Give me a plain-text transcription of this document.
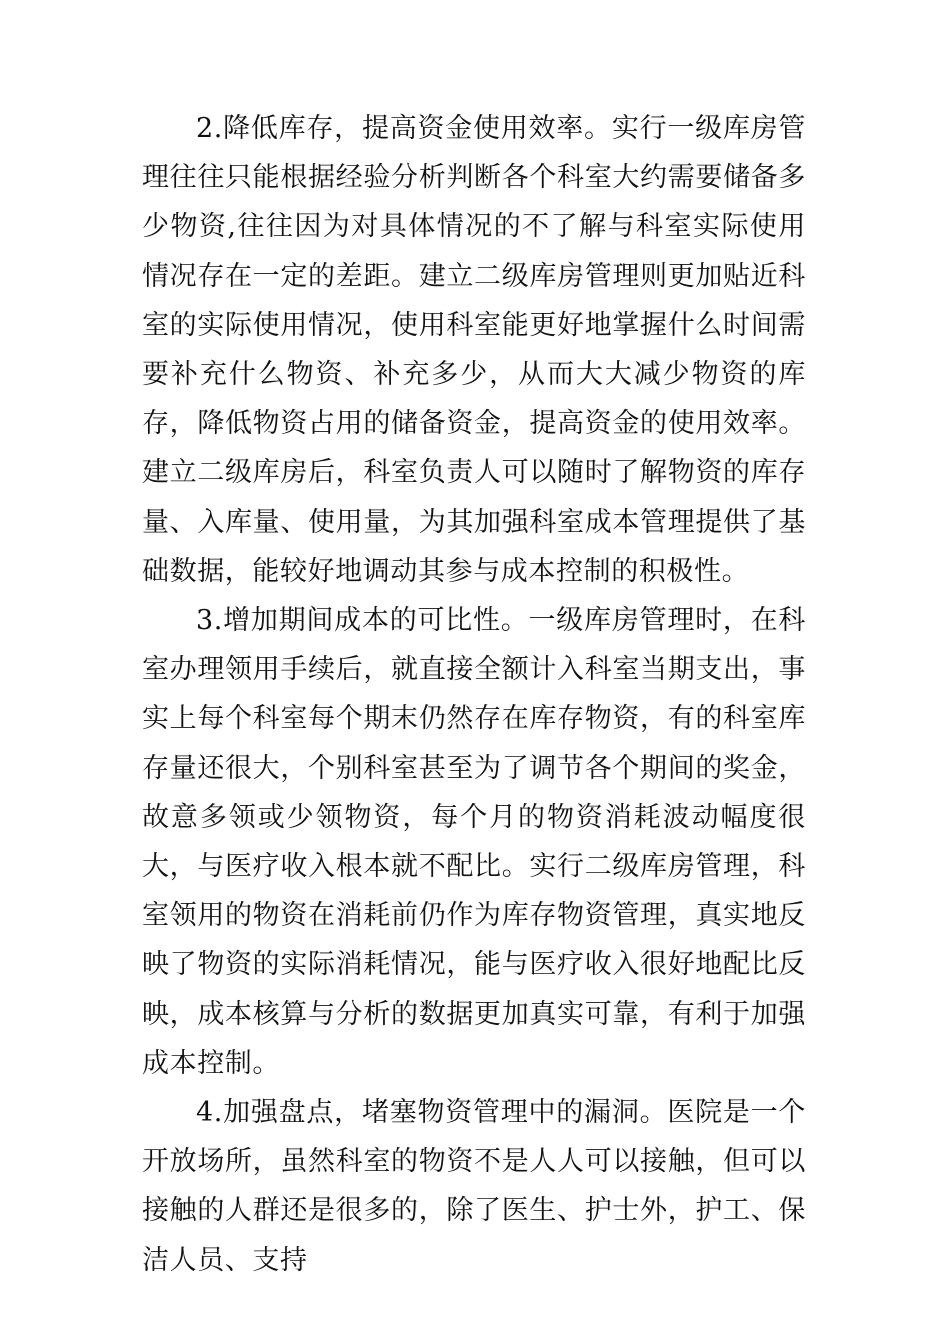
2.降低库存，提高资金使用效率。实行一级库房管理往往只能根据经验分析判断各个科室大约需要储备多少物资,往往因为对具体情况的不了解与科室实际使用情况存在一定的差距。建立二级库房管理则更加贴近科室的实际使用情况，使用科室能更好地掌握什么时间需要补充什么物资、补充多少，从而大大减少物资的库存，降低物资占用的储备资金，提高资金的使用效率。建立二级库房后，科室负责人可以随时了解物资的库存量、入库量、使用量，为其加强科室成本管理提供了基础数据，能较好地调动其参与成本控制的积极性。

3.增加期间成本的可比性。一级库房管理时，在科室办理领用手续后，就直接全额计入科室当期支出，事实上每个科室每个期末仍然存在库存物资，有的科室库存量还很大，个别科室甚至为了调节各个期间的奖金，故意多领或少领物资，每个月的物资消耗波动幅度很大，与医疗收入根本就不配比。实行二级库房管理，科室领用的物资在消耗前仍作为库存物资管理，真实地反映了物资的实际消耗情况，能与医疗收入很好地配比反映，成本核算与分析的数据更加真实可靠，有利于加强成本控制。

4.加强盘点，堵塞物资管理中的漏洞。医院是一个开放场所，虽然科室的物资不是人人可以接触，但可以接触的人群还是很多的，除了医生、护士外，护工、保洁人员、支持
